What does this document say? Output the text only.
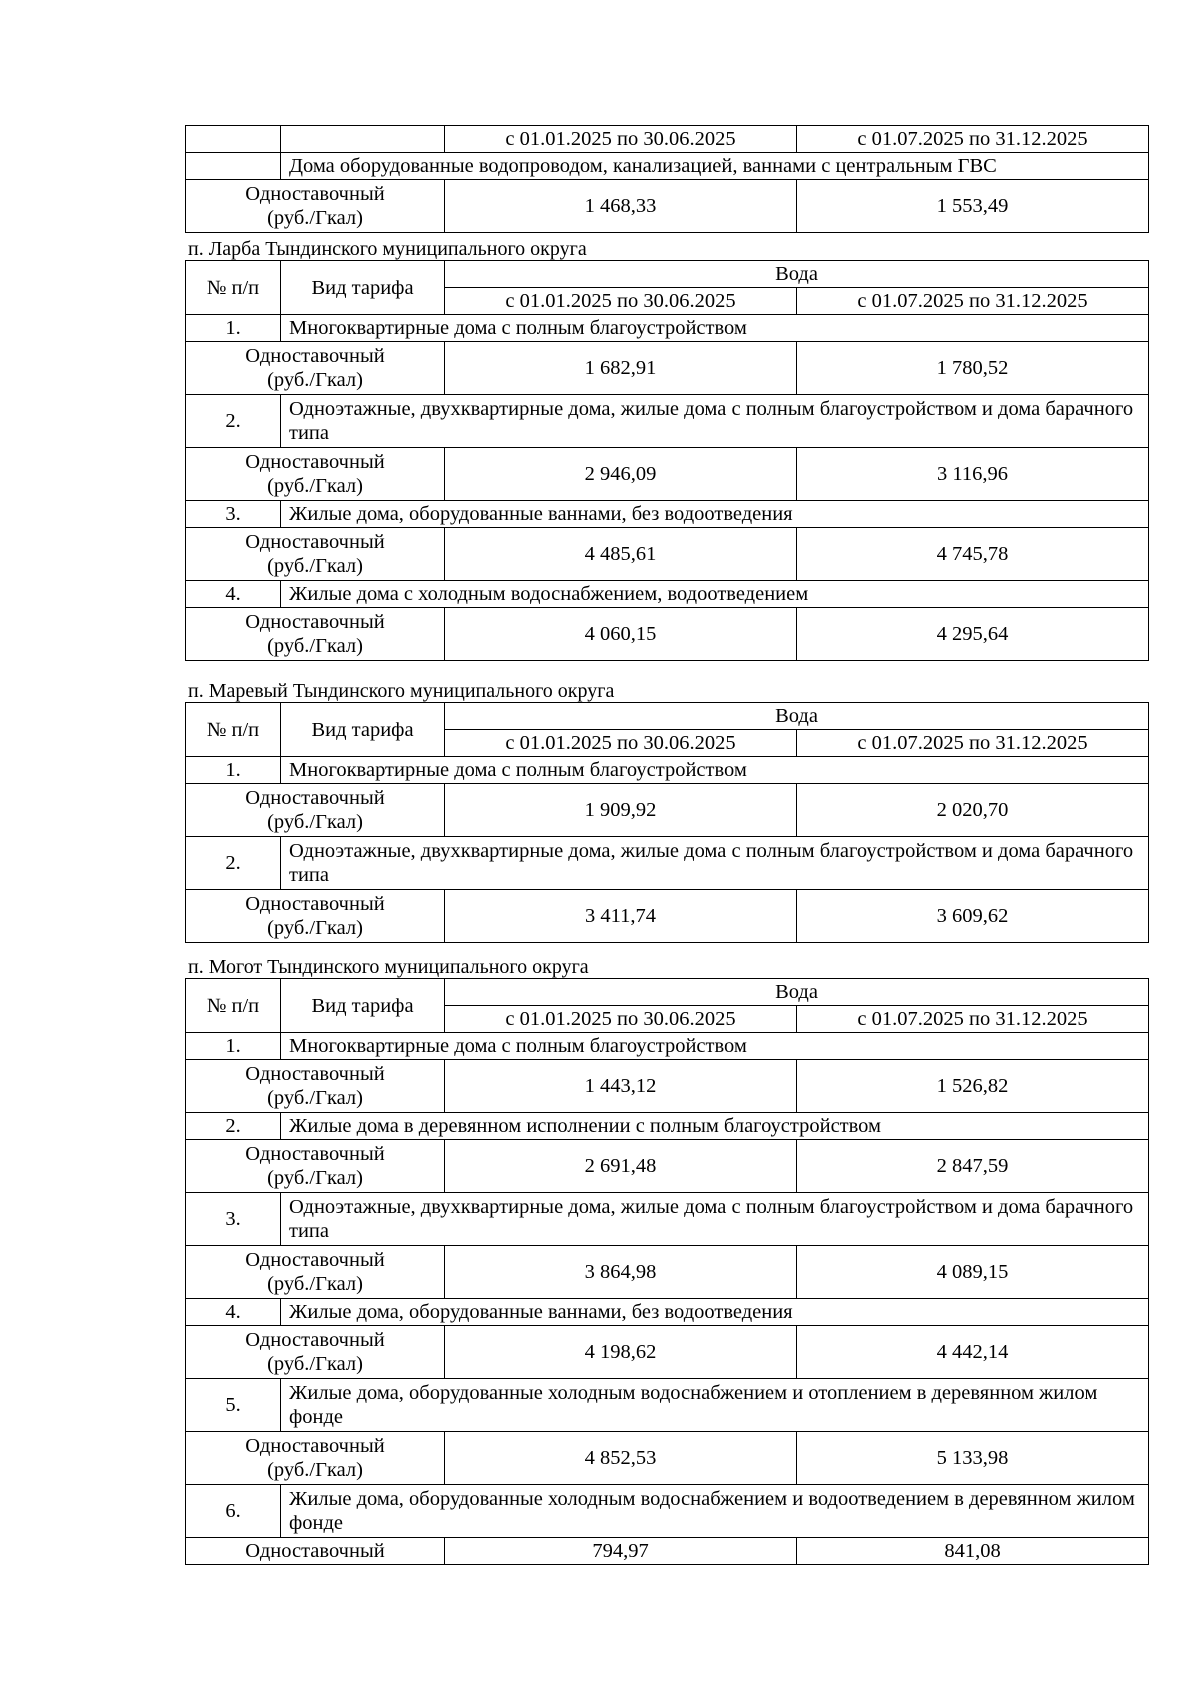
		с 01.01.2025 по 30.06.2025	с 01.07.2025 по 31.12.2025
	Дома оборудованные водопроводом, канализацией, ваннами с центральным ГВС		

Одноставочный
(руб./Гкал)		1 468,33	1 553,49
п. Ларба Тындинского муниципального округа
№ п/п	Вид тарифа	Вода	
		с 01.01.2025 по 30.06.2025	с 01.07.2025 по 31.12.2025
1.	Многоквартирные дома с полным благоустройством		

Одноставочный
(руб./Гкал)		1 682,91	1 780,52
2.	Одноэтажные, двухквартирные дома, жилые дома с полным благоустройством и дома барачного типа		

Одноставочный
(руб./Гкал)		2 946,09	3 116,96
3.	Жилые дома, оборудованные ваннами, без водоотведения		

Одноставочный
(руб./Гкал)		4 485,61	4 745,78
4.	Жилые дома с холодным водоснабжением, водоотведением		

Одноставочный
(руб./Гкал)		4 060,15	4 295,64
п. Маревый Тындинского муниципального округа
№ п/п	Вид тарифа	Вода	
		с 01.01.2025 по 30.06.2025	с 01.07.2025 по 31.12.2025
1.	Многоквартирные дома с полным благоустройством		

Одноставочный
(руб./Гкал)		1 909,92	2 020,70
2.	Одноэтажные, двухквартирные дома, жилые дома с полным благоустройством и дома барачного типа		

Одноставочный
(руб./Гкал)		3 411,74	3 609,62
п. Могот Тындинского муниципального округа
№ п/п	Вид тарифа	Вода	
		с 01.01.2025 по 30.06.2025	с 01.07.2025 по 31.12.2025
1.	Многоквартирные дома с полным благоустройством		

Одноставочный
(руб./Гкал)		1 443,12	1 526,82
2.	Жилые дома в деревянном исполнении с полным благоустройством		

Одноставочный
(руб./Гкал)		2 691,48	2 847,59
3.	Одноэтажные, двухквартирные дома, жилые дома с полным благоустройством и дома барачного типа		

Одноставочный
(руб./Гкал)		3 864,98	4 089,15
4.	Жилые дома, оборудованные ваннами, без водоотведения		

Одноставочный
(руб./Гкал)		4 198,62	4 442,14
5.	Жилые дома, оборудованные холодным водоснабжением и отоплением в деревянном жилом фонде		

Одноставочный
(руб./Гкал)		4 852,53	5 133,98
6.	Жилые дома, оборудованные холодным водоснабжением и водоотведением в деревянном жилом фонде		
Одноставочный		794,97	841,08
